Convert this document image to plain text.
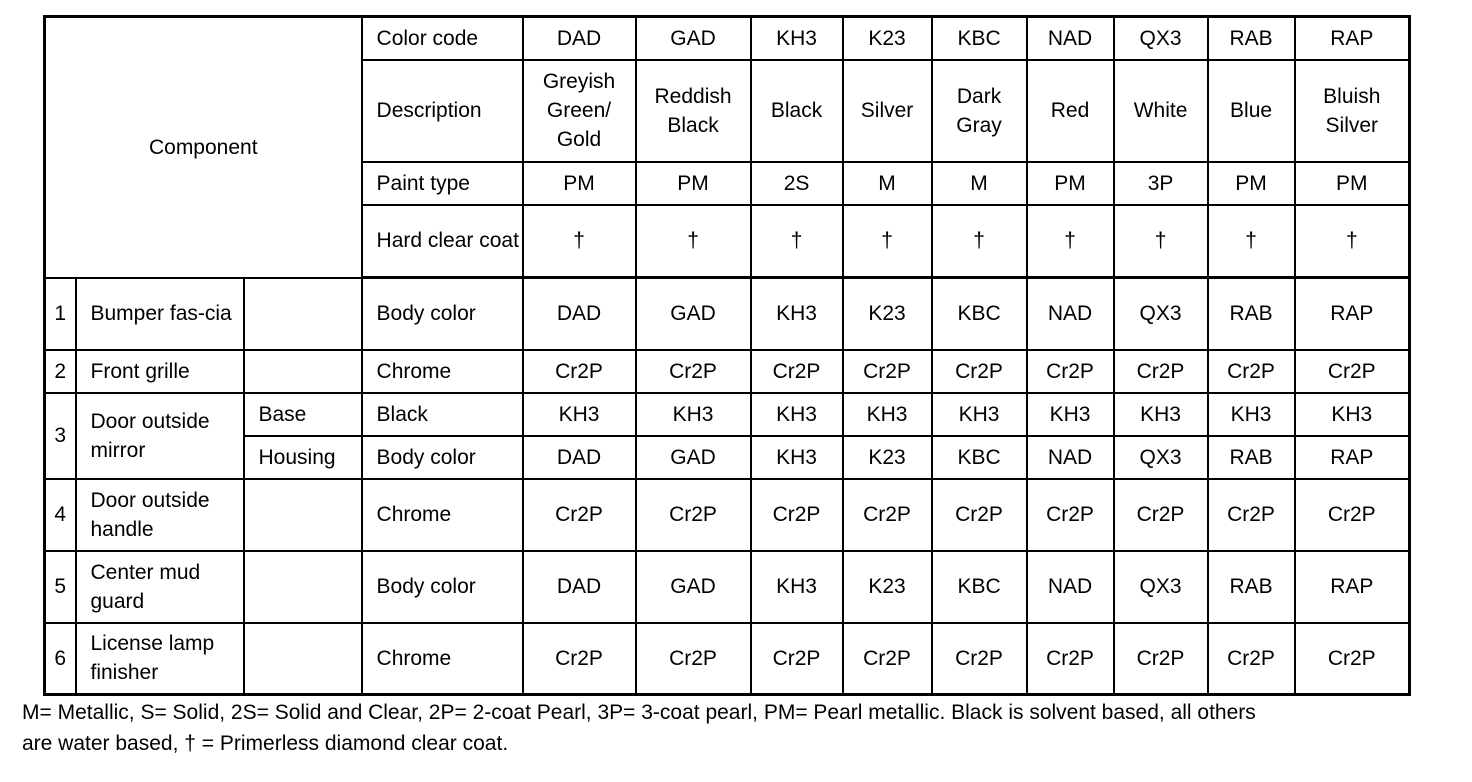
Component			Color code	DAD	GAD	KH3	K23	KBC	NAD	QX3	RAB	RAP
			Description	Greyish Green/ Gold	Reddish Black	Black	Silver	Dark Gray	Red	White	Blue	Bluish Silver
			Paint type	PM	PM	2S	M	M	PM	3P	PM	PM
			Hard clear coat	†	†	†	†	†	†	†	†	†
1	Bumper fas-cia		Body color	DAD	GAD	KH3	K23	KBC	NAD	QX3	RAB	RAP
2	Front grille		Chrome	Cr2P	Cr2P	Cr2P	Cr2P	Cr2P	Cr2P	Cr2P	Cr2P	Cr2P
3	Door outside mirror	Base	Black	KH3	KH3	KH3	KH3	KH3	KH3	KH3	KH3	KH3
		Housing	Body color	DAD	GAD	KH3	K23	KBC	NAD	QX3	RAB	RAP
4	Door outside handle		Chrome	Cr2P	Cr2P	Cr2P	Cr2P	Cr2P	Cr2P	Cr2P	Cr2P	Cr2P
5	Center mud guard		Body color	DAD	GAD	KH3	K23	KBC	NAD	QX3	RAB	RAP
6	License lamp finisher		Chrome	Cr2P	Cr2P	Cr2P	Cr2P	Cr2P	Cr2P	Cr2P	Cr2P	Cr2P
M= Metallic, S= Solid, 2S= Solid and Clear, 2P= 2-coat Pearl, 3P= 3-coat pearl, PM= Pearl metallic. Black is solvent based, all others
are water based, † = Primerless diamond clear coat.
